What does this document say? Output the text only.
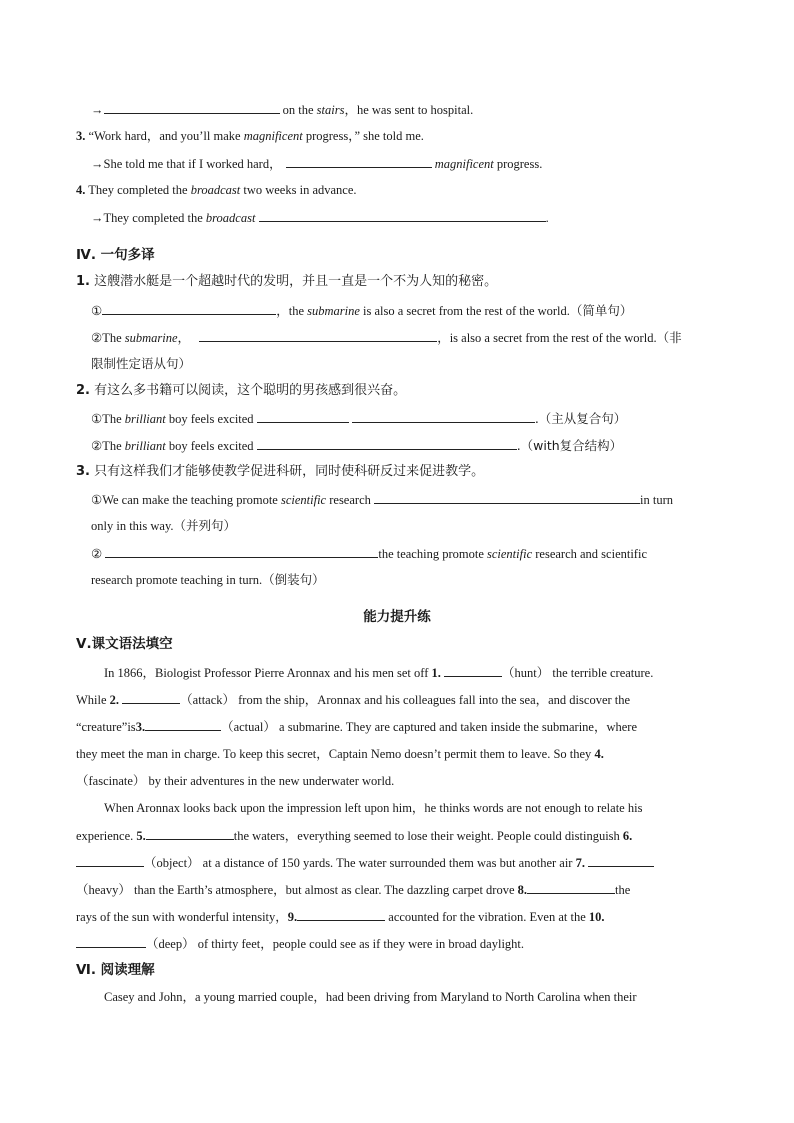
→	on the stairs，he was sent to hospital.
3. “Work hard，and you’ll make magnificent progress，” she told me.
→She told me that if I worked hard，	magnificent progress.
4. They completed the broadcast two weeks in advance.
→They completed the broadcast	.
Ⅳ. 一句多译
1. 这艘潜水艇是一个超越时代的发明，并且一直是一个不为人知的秘密。
①	，the submarine is also a secret from the rest of the world.（简单句）
②The submarine，	，is also a secret from the rest of the world.（非
限制性定语从句）
2. 有这么多书籍可以阅读，这个聪明的男孩感到很兴奋。
①The brilliant boy feels excited	.（主从复合句）
②The brilliant boy feels excited	.（with复合结构）
3. 只有这样我们才能够使教学促进科研，同时使科研反过来促进教学。
①We can make the teaching promote scientific research	in turn
only in this way.（并列句）
②	the teaching promote scientific research and scientific
research promote teaching in turn.（倒装句）
能力提升练
Ⅴ.课文语法填空
In 1866，Biologist Professor Pierre Aronnax and his men set off 1.	（hunt） the terrible creature.
While 2.	（attack） from the ship，Aronnax and his colleagues fall into the sea，and discover the
“creature”is3.	（actual） a submarine. They are captured and taken inside the submarine，where
they meet the man in charge. To keep this secret，Captain Nemo doesn’t permit them to leave. So they 4.
（fascinate） by their adventures in the new underwater world.
When Aronnax looks back upon the impression left upon him，he thinks words are not enough to relate his
experience. 5.	the waters，everything seemed to lose their weight. People could distinguish 6.
（object） at a distance of 150 yards. The water surrounded them was but another air 7.
（heavy） than the Earth’s atmosphere，but almost as clear. The dazzling carpet drove 8.	the
rays of the sun with wonderful intensity，9.	accounted for the vibration. Even at the 10.
（deep） of thirty feet，people could see as if they were in broad daylight.
Ⅵ. 阅读理解
Casey and John，a young married couple，had been driving from Maryland to North Carolina when their
